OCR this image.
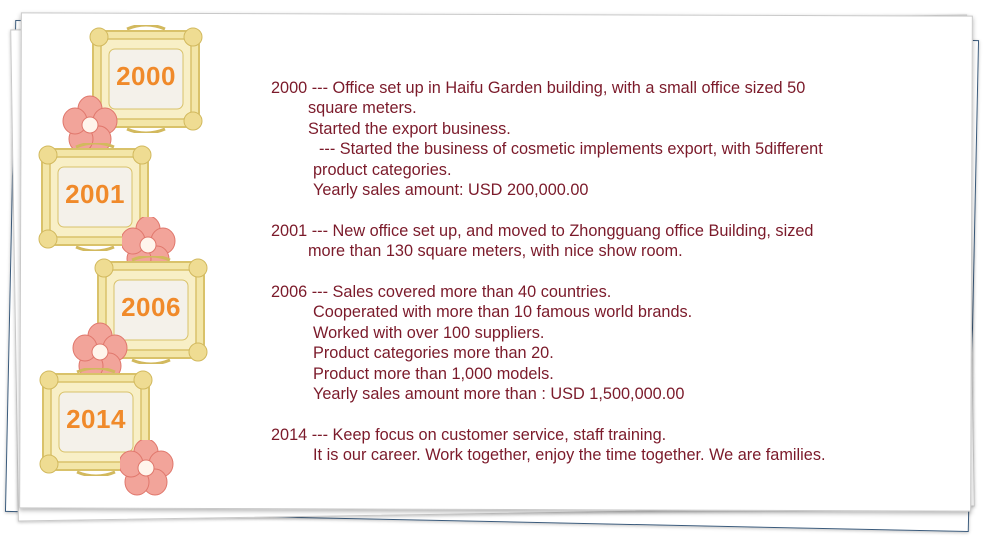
2000
2001
2006
2014
2000 --- Office set up in Haifu Garden building, with a small office sized 50
square meters.
Started the export business.
--- Started the business of cosmetic implements export, with 5different
product categories.
Yearly sales amount: USD 200,000.00
2001 --- New office set up, and moved to Zhongguang office Building, sized
more than 130 square meters, with nice show room.
2006 --- Sales covered more than 40 countries.
Cooperated with more than 10 famous world brands.
Worked with over 100 suppliers.
Product categories more than 20.
Product more than 1,000 models.
Yearly sales amount more than : USD 1,500,000.00
2014 --- Keep focus on customer service, staff training.
It is our career. Work together, enjoy the time together. We are families.
